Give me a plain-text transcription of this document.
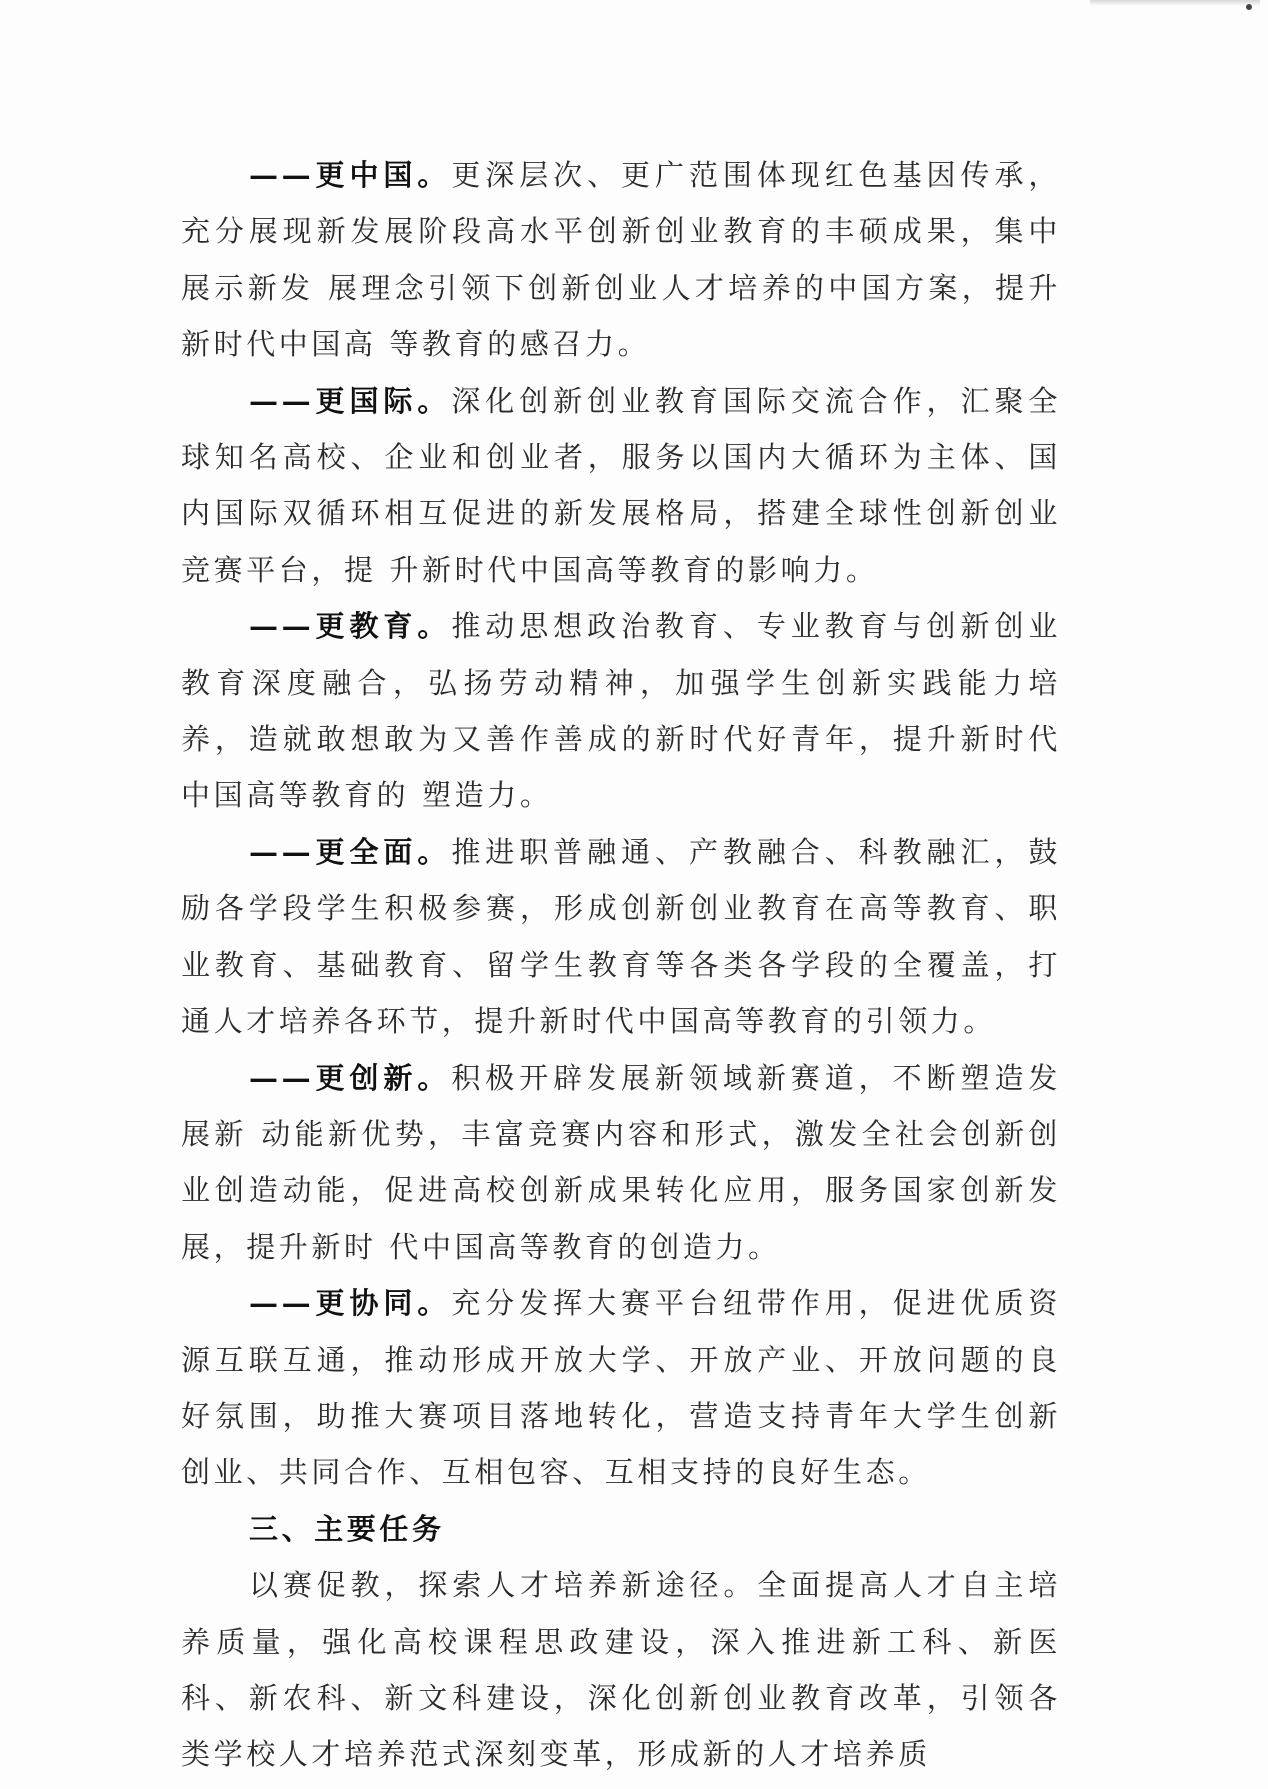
——更中国。更深层次、更广范围体现红色基因传承，充分展现新发展阶段高水平创新创业教育的丰硕成果，集中展示新发 展理念引领下创新创业人才培养的中国方案，提升新时代中国高 等教育的感召力。

——更国际。深化创新创业教育国际交流合作，汇聚全球知名高校、企业和创业者，服务以国内大循环为主体、国内国际双循环相互促进的新发展格局，搭建全球性创新创业竞赛平台，提 升新时代中国高等教育的影响力。

——更教育。推动思想政治教育、专业教育与创新创业教育深度融合，弘扬劳动精神，加强学生创新实践能力培养，造就敢想敢为又善作善成的新时代好青年，提升新时代中国高等教育的 塑造力。

——更全面。推进职普融通、产教融合、科教融汇，鼓励各学段学生积极参赛，形成创新创业教育在高等教育、职业教育、基础教育、留学生教育等各类各学段的全覆盖，打通人才培养各环节，提升新时代中国高等教育的引领力。

——更创新。积极开辟发展新领域新赛道，不断塑造发展新 动能新优势，丰富竞赛内容和形式，激发全社会创新创业创造动能，促进高校创新成果转化应用，服务国家创新发展，提升新时 代中国高等教育的创造力。

——更协同。充分发挥大赛平台纽带作用，促进优质资源互联互通，推动形成开放大学、开放产业、开放问题的良好氛围，助推大赛项目落地转化，营造支持青年大学生创新创业、共同合作、互相包容、互相支持的良好生态。

三、主要任务

以赛促教，探索人才培养新途径。全面提高人才自主培养质量，强化高校课程思政建设，深入推进新工科、新医科、新农科、新文科建设，深化创新创业教育改革，引领各类学校人才培养范式深刻变革，形成新的人才培养质
